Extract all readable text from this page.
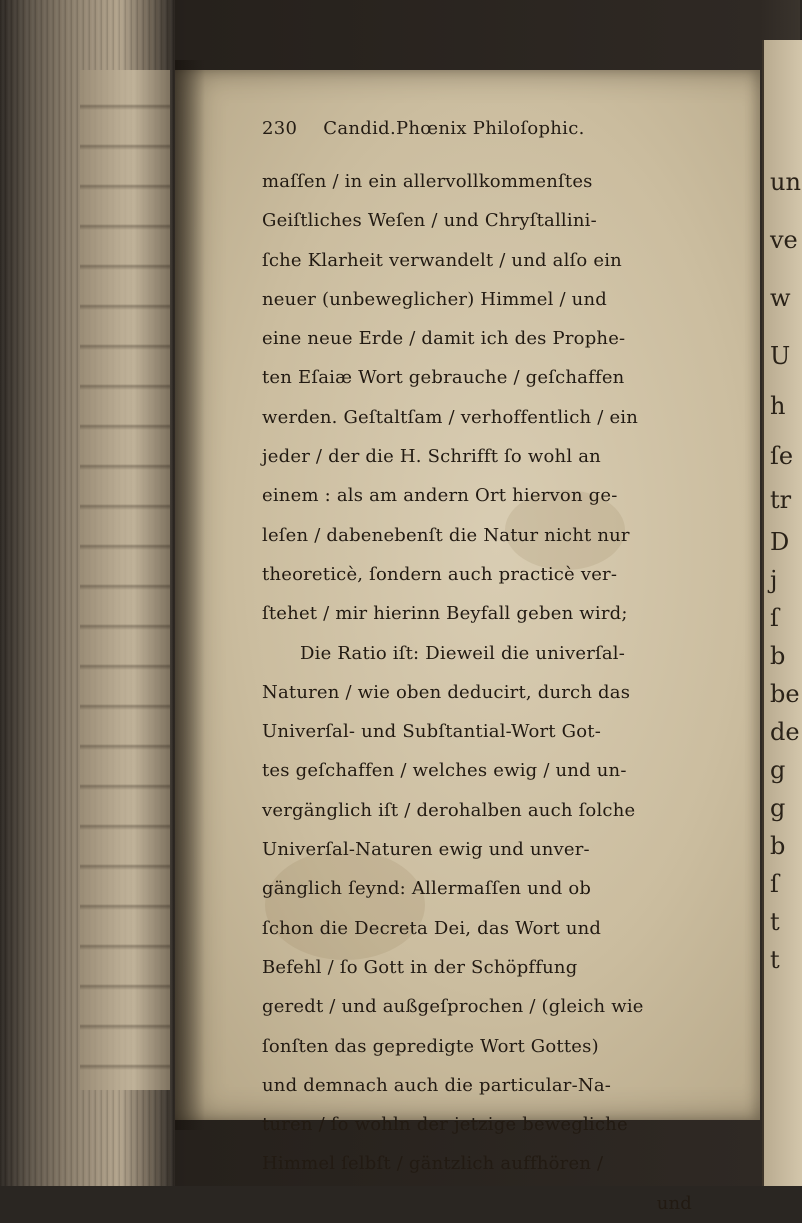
un
ve
w
U
h
ſe
tr
D
j
ſ
b
be
de
g
g
b
ſ
t
t
230 Candid.Phœnix Philoſophic.
maſſen / in ein allervollkommenſtes
Geiſtliches Weſen / und Chryſtallini-
ſche Klarheit verwandelt / und alſo ein
neuer (unbeweglicher) Himmel / und
eine neue Erde / damit ich des Prophe-
ten Eſaiæ Wort gebrauche / geſchaffen
werden. Geſtaltſam / verhoffentlich / ein
jeder / der die H. Schrifft ſo wohl an
einem : als am andern Ort hiervon ge-
leſen / dabenebenſt die Natur nicht nur
theoreticè, ſondern auch practicè ver-
ſtehet / mir hierinn Beyfall geben wird;
Die Ratio iſt: Dieweil die univerſal-
Naturen / wie oben deducirt, durch das
Univerſal- und Subſtantial-Wort Got-
tes geſchaffen / welches ewig / und un-
vergänglich iſt / derohalben auch ſolche
Univerſal-Naturen ewig und unver-
gänglich ſeynd: Allermaſſen und ob
ſchon die Decreta Dei, das Wort und
Befehl / ſo Gott in der Schöpffung
geredt / und außgeſprochen / (gleich wie
ſonſten das gepredigte Wort Gottes)
und demnach auch die particular-Na-
turen / ſo wohln der jetzige bewegliche
Himmel ſelbſt / gäntzlich auffhören /
und
